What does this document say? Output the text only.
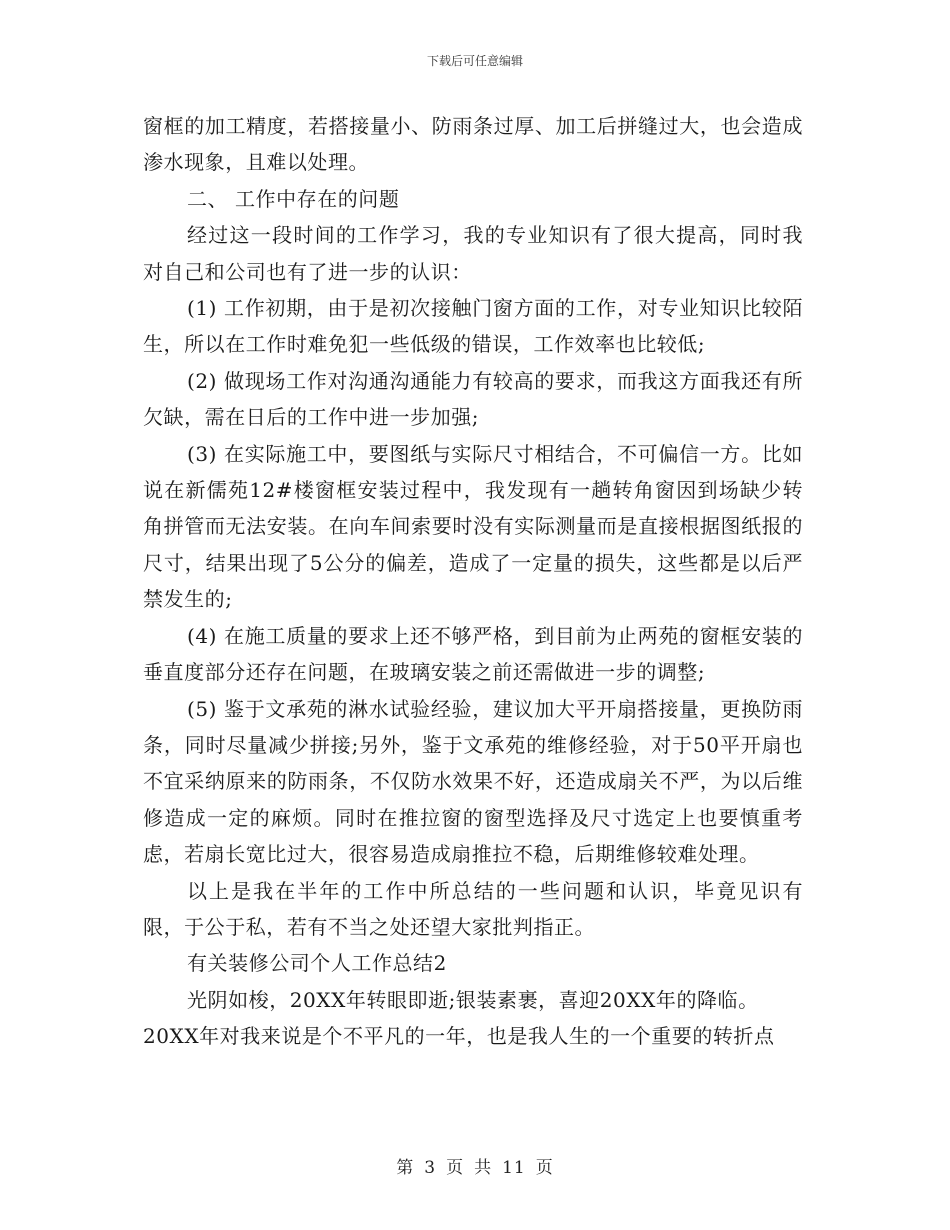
下载后可任意编辑

窗框的加工精度，若搭接量小、防雨条过厚、加工后拼缝过大，也会造成渗水现象，且难以处理。

二、 工作中存在的问题

经过这一段时间的工作学习，我的专业知识有了很大提高，同时我对自己和公司也有了进一步的认识：

(1) 工作初期，由于是初次接触门窗方面的工作，对专业知识比较陌生，所以在工作时难免犯一些低级的错误，工作效率也比较低;

(2) 做现场工作对沟通沟通能力有较高的要求，而我这方面我还有所欠缺，需在日后的工作中进一步加强;

(3) 在实际施工中，要图纸与实际尺寸相结合，不可偏信一方。比如说在新儒苑12#楼窗框安装过程中，我发现有一趟转角窗因到场缺少转角拼管而无法安装。在向车间索要时没有实际测量而是直接根据图纸报的尺寸，结果出现了5公分的偏差，造成了一定量的损失，这些都是以后严禁发生的;

(4) 在施工质量的要求上还不够严格，到目前为止两苑的窗框安装的垂直度部分还存在问题，在玻璃安装之前还需做进一步的调整;

(5) 鉴于文承苑的淋水试验经验，建议加大平开扇搭接量，更换防雨条，同时尽量减少拼接;另外，鉴于文承苑的维修经验，对于50平开扇也不宜采纳原来的防雨条，不仅防水效果不好，还造成扇关不严，为以后维修造成一定的麻烦。同时在推拉窗的窗型选择及尺寸选定上也要慎重考虑，若扇长宽比过大，很容易造成扇推拉不稳，后期维修较难处理。

以上是我在半年的工作中所总结的一些问题和认识，毕竟见识有限，于公于私，若有不当之处还望大家批判指正。

有关装修公司个人工作总结2

光阴如梭，20XX年转眼即逝;银装素裹，喜迎20XX年的降临。

20XX年对我来说是个不平凡的一年，也是我人生的一个重要的转折点

第 3 页 共 11 页
